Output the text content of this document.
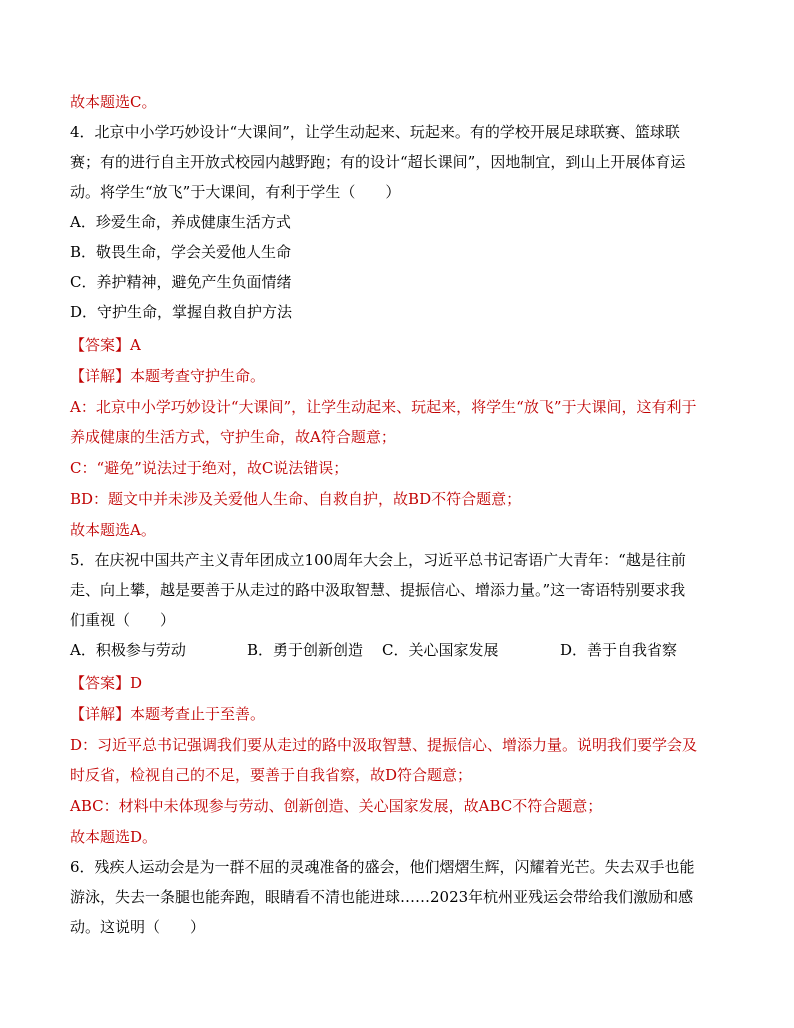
故本题选C。
4．北京中小学巧妙设计“大课间”，让学生动起来、玩起来。有的学校开展足球联赛、篮球联
赛；有的进行自主开放式校园内越野跑；有的设计“超长课间”，因地制宜，到山上开展体育运
动。将学生“放飞”于大课间，有利于学生（　　）
A．珍爱生命，养成健康生活方式
B．敬畏生命，学会关爱他人生命
C．养护精神，避免产生负面情绪
D．守护生命，掌握自救自护方法
【答案】A
【详解】本题考查守护生命。
A：北京中小学巧妙设计“大课间”，让学生动起来、玩起来，将学生“放飞”于大课间，这有利于
养成健康的生活方式，守护生命，故A符合题意；
C：“避免”说法过于绝对，故C说法错误；
BD：题文中并未涉及关爱他人生命、自救自护，故BD不符合题意；
故本题选A。
5．在庆祝中国共产主义青年团成立100周年大会上，习近平总书记寄语广大青年：“越是往前
走、向上攀，越是要善于从走过的路中汲取智慧、提振信心、增添力量。”这一寄语特别要求我
们重视（　　）
A．积极参与劳动	B．勇于创新创造 C．关心国家发展	D．善于自我省察
【答案】D
【详解】本题考查止于至善。
D：习近平总书记强调我们要从走过的路中汲取智慧、提振信心、增添力量。说明我们要学会及
时反省，检视自己的不足，要善于自我省察，故D符合题意；
ABC：材料中未体现参与劳动、创新创造、关心国家发展，故ABC不符合题意；
故本题选D。
6．残疾人运动会是为一群不屈的灵魂准备的盛会，他们熠熠生辉，闪耀着光芒。失去双手也能
游泳，失去一条腿也能奔跑，眼睛看不清也能进球……2023年杭州亚残运会带给我们激励和感
动。这说明（　　）
